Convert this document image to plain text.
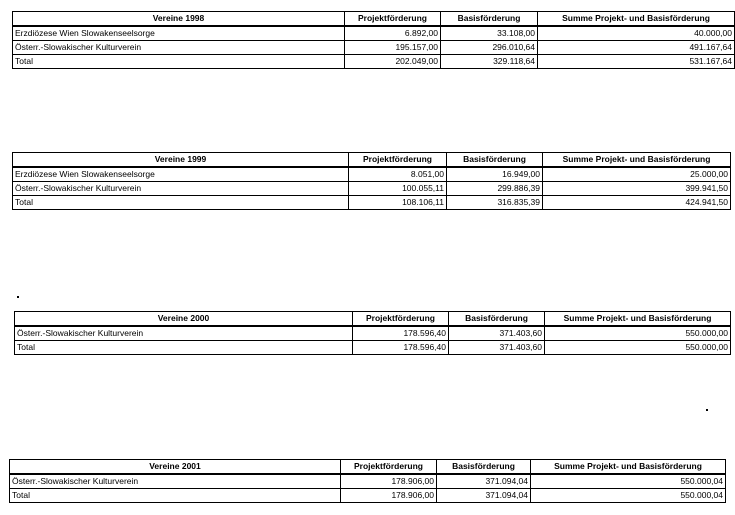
Vereine 1998	Projektförderung	Basisförderung	Summe Projekt- und Basisförderung
Erzdiözese Wien Slowakenseelsorge	6.892,00	33.108,00	40.000,00
Österr.-Slowakischer Kulturverein	195.157,00	296.010,64	491.167,64
Total	202.049,00	329.118,64	531.167,64
Vereine 1999	Projektförderung	Basisförderung	Summe Projekt- und Basisförderung
Erzdiözese Wien Slowakenseelsorge	8.051,00	16.949,00	25.000,00
Österr.-Slowakischer Kulturverein	100.055,11	299.886,39	399.941,50
Total	108.106,11	316.835,39	424.941,50
Vereine 2000	Projektförderung	Basisförderung	Summe Projekt- und Basisförderung
Österr.-Slowakischer Kulturverein	178.596,40	371.403,60	550.000,00
Total	178.596,40	371.403,60	550.000,00
Vereine 2001	Projektförderung	Basisförderung	Summe Projekt- und Basisförderung
Österr.-Slowakischer Kulturverein	178.906,00	371.094,04	550.000,04
Total	178.906,00	371.094,04	550.000,04
